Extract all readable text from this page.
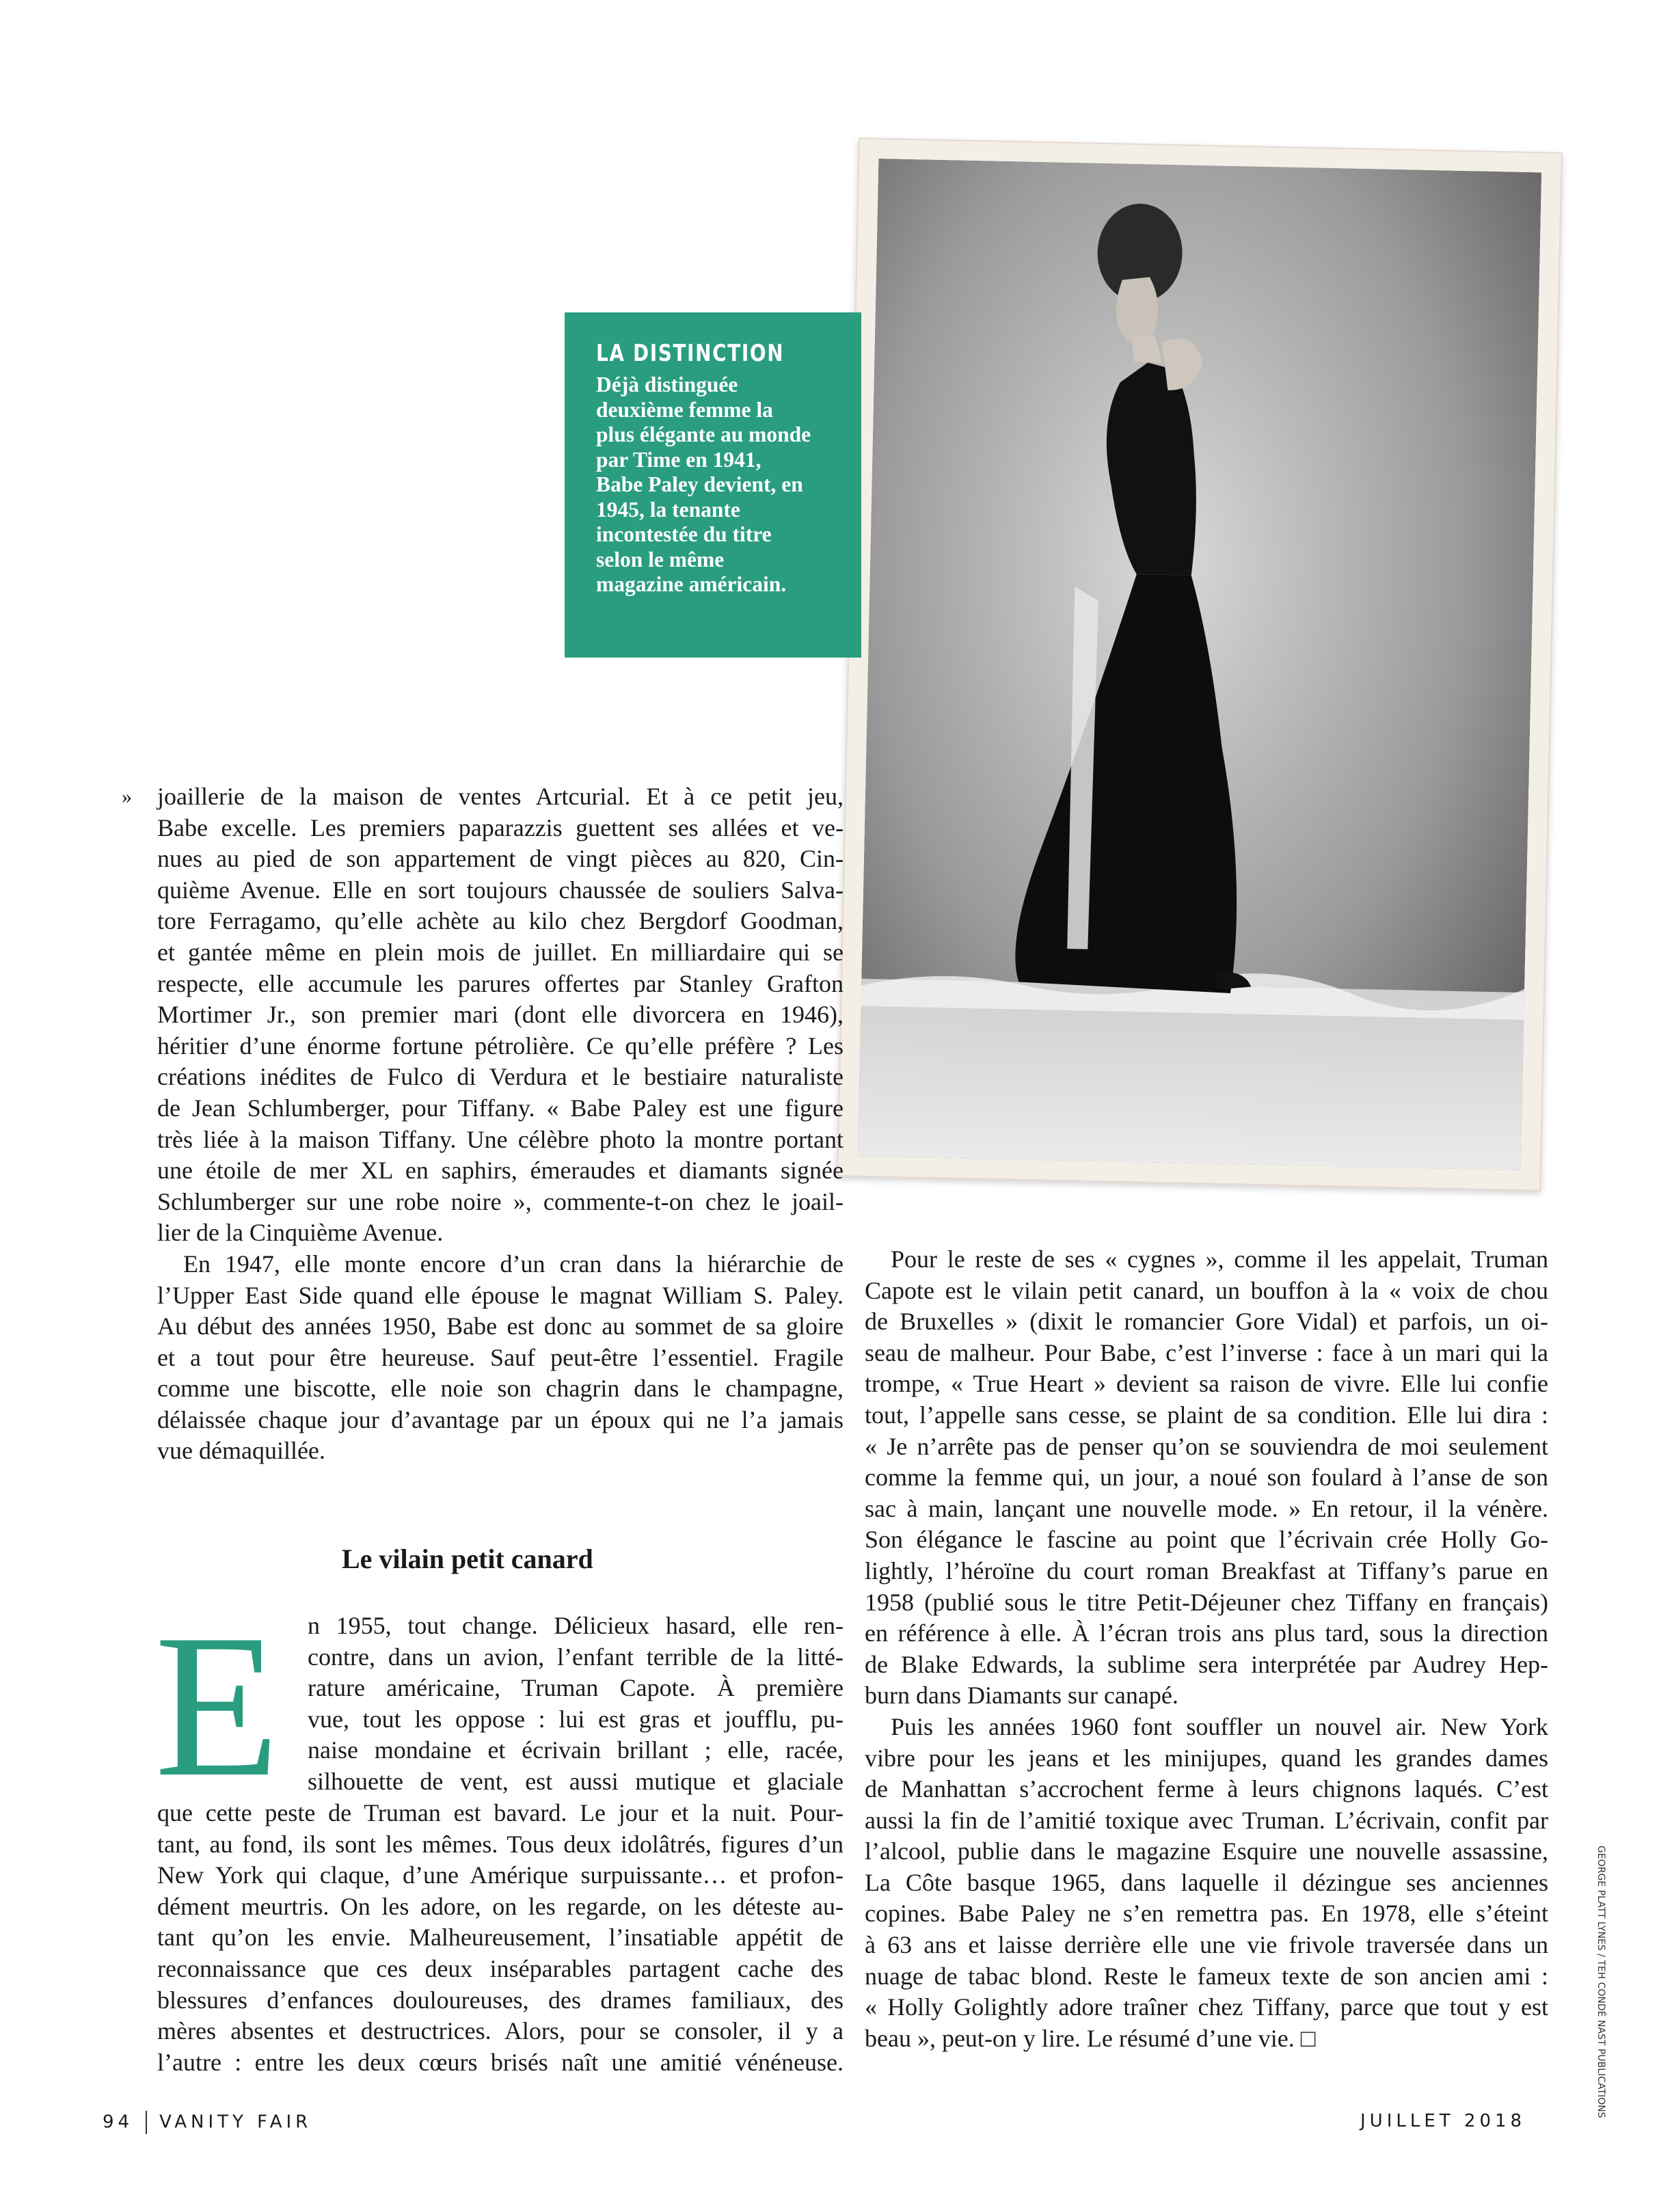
LA DISTINCTION
Déjà distinguée
deuxième femme la
plus élégante au monde
par Time en 1941,
Babe Paley devient, en
1945, la tenante
incontestée du titre
selon le même
magazine américain.
» joaillerie de la maison de ventes Artcurial. Et à ce petit jeu,
Babe excelle. Les premiers paparazzis guettent ses allées et ve-
nues au pied de son appartement de vingt pièces au 820, Cin-
quième Avenue. Elle en sort toujours chaussée de souliers Salva-
tore Ferragamo, qu’elle achète au kilo chez Bergdorf Goodman,
et gantée même en plein mois de juillet. En milliardaire qui se
respecte, elle accumule les parures offertes par Stanley Grafton
Mortimer Jr., son premier mari (dont elle divorcera en 1946),
héritier d’une énorme fortune pétrolière. Ce qu’elle préfère ? Les
créations inédites de Fulco di Verdura et le bestiaire naturaliste
de Jean Schlumberger, pour Tiffany. « Babe Paley est une figure
très liée à la maison Tiffany. Une célèbre photo la montre portant
une étoile de mer XL en saphirs, émeraudes et diamants signée
Schlumberger sur une robe noire », commente-t-on chez le joail-
lier de la Cinquième Avenue.
En 1947, elle monte encore d’un cran dans la hiérarchie de
l’Upper East Side quand elle épouse le magnat William S. Paley.
Au début des années 1950, Babe est donc au sommet de sa gloire
et a tout pour être heureuse. Sauf peut-être l’essentiel. Fragile
comme une biscotte, elle noie son chagrin dans le champagne,
délaissée chaque jour d’avantage par un époux qui ne l’a jamais
vue démaquillée.
Le vilain petit canard
E n 1955, tout change. Délicieux hasard, elle ren-
contre, dans un avion, l’enfant terrible de la litté-
rature américaine, Truman Capote. À première
vue, tout les oppose : lui est gras et joufflu, pu-
naise mondaine et écrivain brillant ; elle, racée,
silhouette de vent, est aussi mutique et glaciale
que cette peste de Truman est bavard. Le jour et la nuit. Pour-
tant, au fond, ils sont les mêmes. Tous deux idolâtrés, figures d’un
New York qui claque, d’une Amérique surpuissante… et profon-
dément meurtris. On les adore, on les regarde, on les déteste au-
tant qu’on les envie. Malheureusement, l’insatiable appétit de
reconnaissance que ces deux inséparables partagent cache des
blessures d’enfances douloureuses, des drames familiaux, des
mères absentes et destructrices. Alors, pour se consoler, il y a
l’autre : entre les deux cœurs brisés naît une amitié vénéneuse.
Pour le reste de ses « cygnes », comme il les appelait, Truman
Capote est le vilain petit canard, un bouffon à la « voix de chou
de Bruxelles » (dixit le romancier Gore Vidal) et parfois, un oi-
seau de malheur. Pour Babe, c’est l’inverse : face à un mari qui la
trompe, « True Heart » devient sa raison de vivre. Elle lui confie
tout, l’appelle sans cesse, se plaint de sa condition. Elle lui dira :
« Je n’arrête pas de penser qu’on se souviendra de moi seulement
comme la femme qui, un jour, a noué son foulard à l’anse de son
sac à main, lançant une nouvelle mode. » En retour, il la vénère.
Son élégance le fascine au point que l’écrivain crée Holly Go-
lightly, l’héroïne du court roman Breakfast at Tiffany’s parue en
1958 (publié sous le titre Petit-Déjeuner chez Tiffany en français)
en référence à elle. À l’écran trois ans plus tard, sous la direction
de Blake Edwards, la sublime sera interprétée par Audrey Hep-
burn dans Diamants sur canapé.
Puis les années 1960 font souffler un nouvel air. New York
vibre pour les jeans et les minijupes, quand les grandes dames
de Manhattan s’accrochent ferme à leurs chignons laqués. C’est
aussi la fin de l’amitié toxique avec Truman. L’écrivain, confit par
l’alcool, publie dans le magazine Esquire une nouvelle assassine,
La Côte basque 1965, dans laquelle il dézingue ses anciennes
copines. Babe Paley ne s’en remettra pas. En 1978, elle s’éteint
à 63 ans et laisse derrière elle une vie frivole traversée dans un
nuage de tabac blond. Reste le fameux texte de son ancien ami :
« Holly Golightly adore traîner chez Tiffany, parce que tout y est
beau », peut-on y lire. Le résumé d’une vie. □	GEORGE PLATT LYNES / TEH CONDÉ NAST PUBLICATIONS
94 VANITY FAIR	JUILLET 2018
